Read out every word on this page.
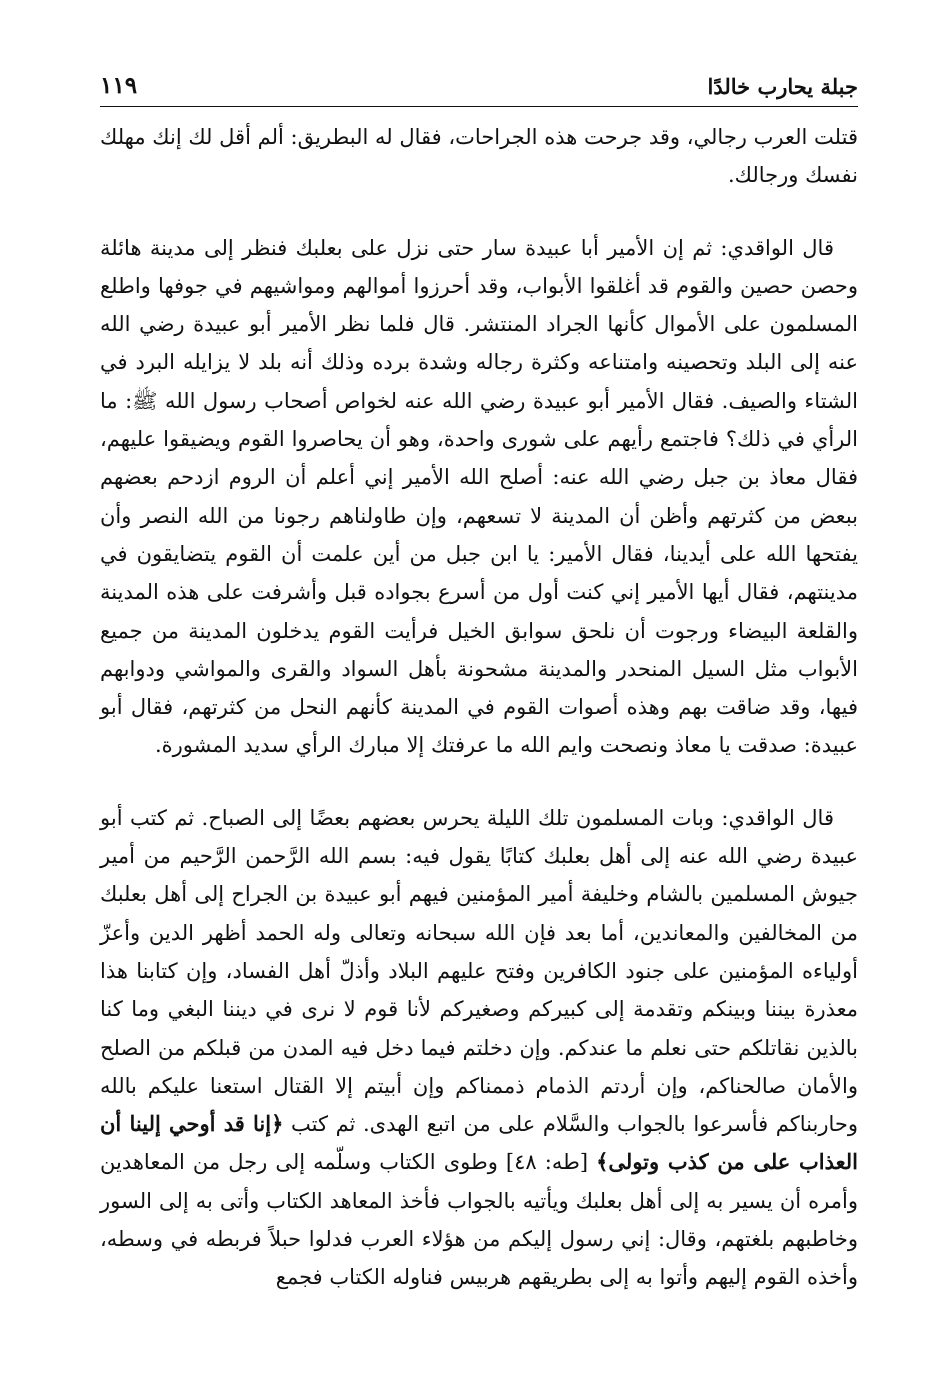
جبلة يحارب خالدًا
١١٩

قتلت العرب رجالي، وقد جرحت هذه الجراحات، فقال له البطريق: ألم أقل لك إنك مهلك نفسك ورجالك.

قال الواقدي: ثم إن الأمير أبا عبيدة سار حتى نزل على بعلبك فنظر إلى مدينة هائلة وحصن حصين والقوم قد أغلقوا الأبواب، وقد أحرزوا أموالهم ومواشيهم في جوفها واطلع المسلمون على الأموال كأنها الجراد المنتشر. قال فلما نظر الأمير أبو عبيدة رضي الله عنه إلى البلد وتحصينه وامتناعه وكثرة رجاله وشدة برده وذلك أنه بلد لا يزايله البرد في الشتاء والصيف. فقال الأمير أبو عبيدة رضي الله عنه لخواص أصحاب رسول الله ﷺ: ما الرأي في ذلك؟ فاجتمع رأيهم على شورى واحدة، وهو أن يحاصروا القوم ويضيقوا عليهم، فقال معاذ بن جبل رضي الله عنه: أصلح الله الأمير إني أعلم أن الروم ازدحم بعضهم ببعض من كثرتهم وأظن أن المدينة لا تسعهم، وإن طاولناهم رجونا من الله النصر وأن يفتحها الله على أيدينا، فقال الأمير: يا ابن جبل من أين علمت أن القوم يتضايقون في مدينتهم، فقال أيها الأمير إني كنت أول من أسرع بجواده قبل وأشرفت على هذه المدينة والقلعة البيضاء ورجوت أن نلحق سوابق الخيل فرأيت القوم يدخلون المدينة من جميع الأبواب مثل السيل المنحدر والمدينة مشحونة بأهل السواد والقرى والمواشي ودوابهم فيها، وقد ضاقت بهم وهذه أصوات القوم في المدينة كأنهم النحل من كثرتهم، فقال أبو عبيدة: صدقت يا معاذ ونصحت وايم الله ما عرفتك إلا مبارك الرأي سديد المشورة.

قال الواقدي: وبات المسلمون تلك الليلة يحرس بعضهم بعضًا إلى الصباح. ثم كتب أبو عبيدة رضي الله عنه إلى أهل بعلبك كتابًا يقول فيه: بسم الله الرَّحمن الرَّحيم من أمير جيوش المسلمين بالشام وخليفة أمير المؤمنين فيهم أبو عبيدة بن الجراح إلى أهل بعلبك من المخالفين والمعاندين، أما بعد فإن الله سبحانه وتعالى وله الحمد أظهر الدين وأعزّ أولياءه المؤمنين على جنود الكافرين وفتح عليهم البلاد وأذلّ أهل الفساد، وإن كتابنا هذا معذرة بيننا وبينكم وتقدمة إلى كبيركم وصغيركم لأنا قوم لا نرى في ديننا البغي وما كنا بالذين نقاتلكم حتى نعلم ما عندكم. وإن دخلتم فيما دخل فيه المدن من قبلكم من الصلح والأمان صالحناكم، وإن أردتم الذمام ذممناكم وإن أبيتم إلا القتال استعنا عليكم بالله وحاربناكم فأسرعوا بالجواب والسَّلام على من اتبع الهدى. ثم كتب ﴿إنا قد أوحي إلينا أن العذاب على من كذب وتولى﴾ [طه: ٤٨] وطوى الكتاب وسلّمه إلى رجل من المعاهدين وأمره أن يسير به إلى أهل بعلبك ويأتيه بالجواب فأخذ المعاهد الكتاب وأتى به إلى السور وخاطبهم بلغتهم، وقال: إني رسول إليكم من هؤلاء العرب فدلوا حبلاً فربطه في وسطه، وأخذه القوم إليهم وأتوا به إلى بطريقهم هربيس فناوله الكتاب فجمع
